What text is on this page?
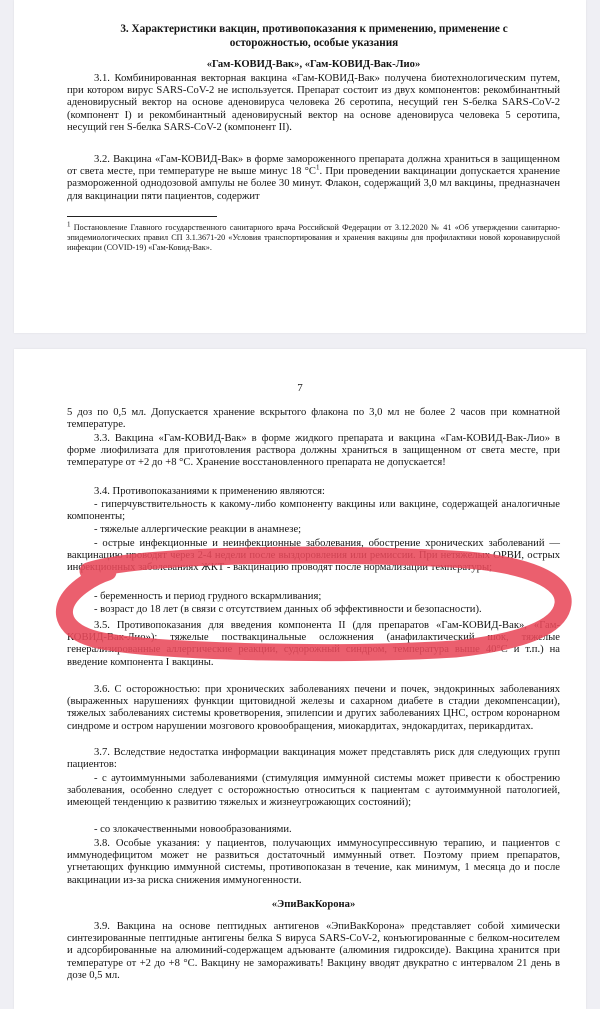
3. Характеристики вакцин, противопоказания к применению, применение с осторожностью, особые указания

«Гам-КОВИД-Вак», «Гам-КОВИД-Вак-Лио»

3.1. Комбинированная векторная вакцина «Гам-КОВИД-Вак» получена биотехнологическим путем, при котором вирус SARS-CoV-2 не используется. Препарат состоит из двух компонентов: рекомбинантный аденовирусный вектор на основе аденовируса человека 26 серотипа, несущий ген S-белка SARS-CoV-2 (компонент I) и рекомбинантный аденовирусный вектор на основе аденовируса человека 5 серотипа, несущий ген S-белка SARS-CoV-2 (компонент II).

3.2. Вакцина «Гам-КОВИД-Вак» в форме замороженного препарата должна храниться в защищенном от света месте, при температуре не выше минус 18 $^\circ С^1$. При проведении вакцинации допускается хранение размороженной однодозовой ампулы не более 30 минут. Флакон, содержащий 3,0 мл вакцины, предназначен для вакцинации пяти пациентов, содержит

$^1$ Постановление Главного государственного санитарного врача Российской Федерации от 3.12.2020 № 41 «Об утверждении санитарно-эпидемиологических правил СП 3.1.3671-20 «Условия транспортирования и хранения вакцины для профилактики новой коронавирусной инфекции (COVID-19) «Гам-Ковид-Вак».

7

5 доз по 0,5 мл. Допускается хранение вскрытого флакона по 3,0 мл не более 2 часов при комнатной температуре.

3.3. Вакцина «Гам-КОВИД-Вак» в форме жидкого препарата и вакцина «Гам-КОВИД-Вак-Лио» в форме лиофилизата для приготовления раствора должны храниться в защищенном от света месте, при температуре от +2 до +8 °С. Хранение восстановленного препарата не допускается!

3.4. Противопоказаниями к применению являются:

- гиперчувствительность к какому-либо компоненту вакцины или вакцине, содержащей аналогичные компоненты;

- тяжелые аллергические реакции в анамнезе;

- острые инфекционные и неинфекционные заболевания, обострение хронических заболеваний — вакцинацию проводят через 2-4 недели после выздоровления или ремиссии. При нетяжелых ОРВИ, острых инфекционных заболеваниях ЖКТ - вакцинацию проводят после нормализации температуры;

- беременность и период грудного вскармливания;

- возраст до 18 лет (в связи с отсутствием данных об эффективности и безопасности).

3.5. Противопоказания для введения компонента II (для препаратов «Гам-КОВИД-Вак», «Гам-КОВИД-Вак-Лио»): тяжелые поствакцинальные осложнения (анафилактический шок, тяжелые генерализированные аллергические реакции, судорожный синдром, температура выше 40°С и т.п.) на введение компонента I вакцины.

3.6. С осторожностью: при хронических заболеваниях печени и почек, эндокринных заболеваниях (выраженных нарушениях функции щитовидной железы и сахарном диабете в стадии декомпенсации), тяжелых заболеваниях системы кроветворения, эпилепсии и других заболеваниях ЦНС, остром коронарном синдроме и остром нарушении мозгового кровообращения, миокардитах, эндокардитах, перикардитах.

3.7. Вследствие недостатка информации вакцинация может представлять риск для следующих групп пациентов:

- с аутоиммунными заболеваниями (стимуляция иммунной системы может привести к обострению заболевания, особенно следует с осторожностью относиться к пациентам с аутоиммунной патологией, имеющей тенденцию к развитию тяжелых и жизнеугрожающих состояний);

- со злокачественными новообразованиями.

3.8. Особые указания: у пациентов, получающих иммуносупрессивную терапию, и пациентов с иммунодефицитом может не развиться достаточный иммунный ответ. Поэтому прием препаратов, угнетающих функцию иммунной системы, противопоказан в течение, как минимум, 1 месяца до и после вакцинации из-за риска снижения иммуногенности.

«ЭпиВакКорона»

3.9. Вакцина на основе пептидных антигенов «ЭпиВакКорона» представляет собой химически синтезированные пептидные антигены белка S вируса SARS-CoV-2, конъюгированные с белком-носителем и адсорбированные на алюминий-содержащем адъюванте (алюминия гидроксиде). Вакцина хранится при температуре от +2 до +8 °С. Вакцину не замораживать! Вакцину вводят двукратно с интервалом 21 день в дозе 0,5 мл.
